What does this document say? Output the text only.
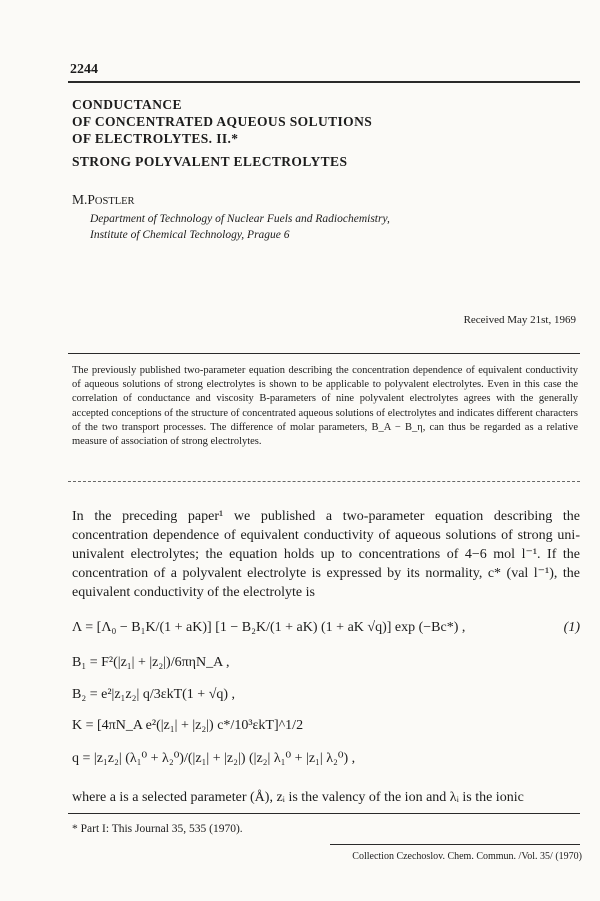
2244
CONDUCTANCE
OF CONCENTRATED AQUEOUS SOLUTIONS
OF ELECTROLYTES. II.*
STRONG POLYVALENT ELECTROLYTES
M.POSTLER
Department of Technology of Nuclear Fuels and Radiochemistry,
Institute of Chemical Technology, Prague 6
Received May 21st, 1969

The previously published two-parameter equation describing the concentration dependence of equivalent conductivity of aqueous solutions of strong electrolytes is shown to be applicable to polyvalent electrolytes. Even in this case the correlation of conductance and viscosity B-parameters of nine polyvalent electrolytes agrees with the generally accepted conceptions of the structure of concentrated aqueous solutions of electrolytes and indicates different characters of the two transport processes. The difference of molar parameters, B_A − B_η, can thus be regarded as a relative measure of association of strong electrolytes.

In the preceding paper¹ we published a two-parameter equation describing the concentration dependence of equivalent conductivity of aqueous solutions of strong uni- univalent electrolytes; the equation holds up to concentrations of 4−6 mol l⁻¹. If the concentration of a polyvalent electrolyte is expressed by its normality, c* (val l⁻¹), the equivalent conductivity of the electrolyte is

Λ = [Λ₀ − B₁K/(1 + aK)] [1 − B₂K/(1 + aK) (1 + aK √q)] exp (−Bc*) ,	(1)
B₁ = F²(|z₁| + |z₂|)/6πηN_A ,
B₂ = e²|z₁z₂| q/3εkT(1 + √q) ,
K = [4πN_A e²(|z₁| + |z₂|) c*/10³εkT]^1/2
q = |z₁z₂| (λ₁⁰ + λ₂⁰)/(|z₁| + |z₂|) (|z₂| λ₁⁰ + |z₁| λ₂⁰) ,
where a is a selected parameter (Å), zᵢ is the valency of the ion and λᵢ is the ionic
* Part I: This Journal 35, 535 (1970).
Collection Czechoslov. Chem. Commun. /Vol. 35/ (1970)
